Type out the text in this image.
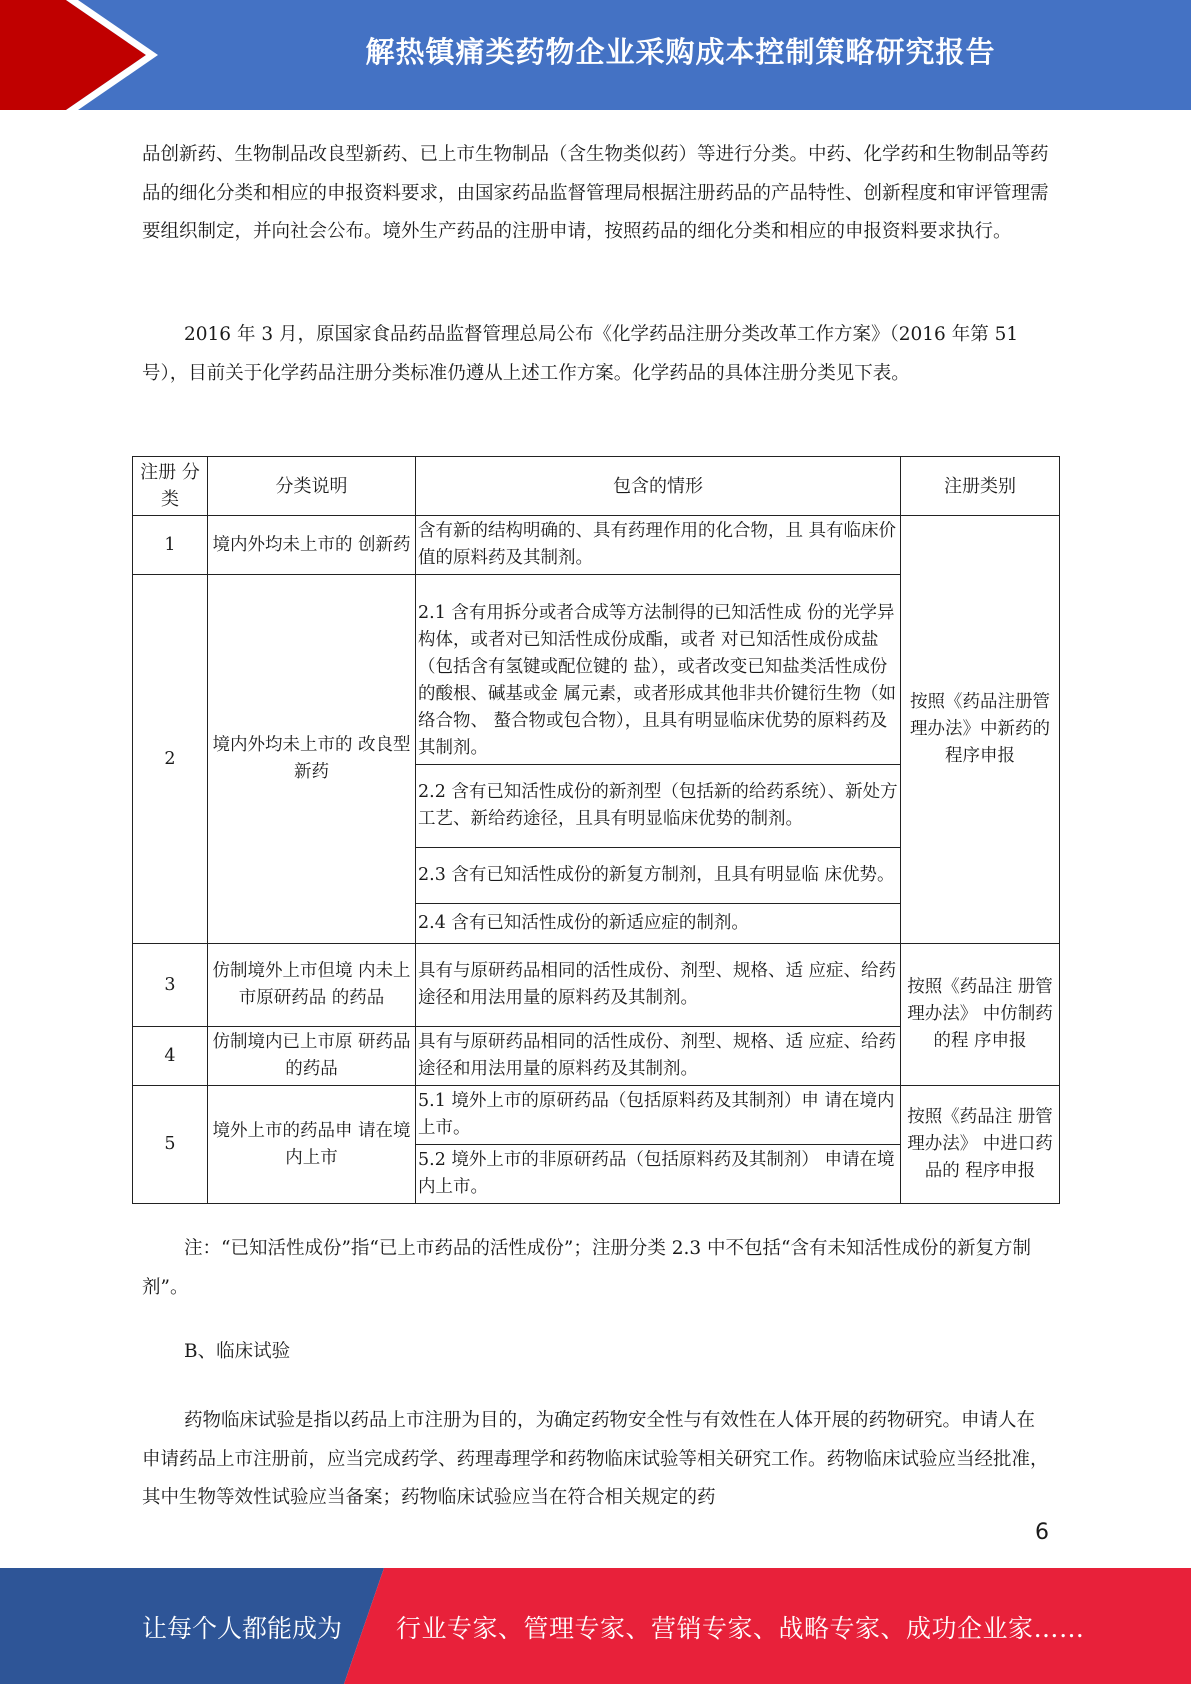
解热镇痛类药物企业采购成本控制策略研究报告

品创新药、生物制品改良型新药、已上市生物制品（含生物类似药）等进行分类。中药、化学药和生物制品等药品的细化分类和相应的申报资料要求，由国家药品监督管理局根据注册药品的产品特性、创新程度和审评管理需要组织制定，并向社会公布。境外生产药品的注册申请，按照药品的细化分类和相应的申报资料要求执行。

2016 年 3 月，原国家食品药品监督管理总局公布《化学药品注册分类改革工作方案》（2016 年第 51 号），目前关于化学药品注册分类标准仍遵从上述工作方案。化学药品的具体注册分类见下表。

注册 分类	分类说明	包含的情形	注册类别
1	境内外均未上市的 创新药	含有新的结构明确的、具有药理作用的化合物，且 具有临床价值的原料药及其制剂。	按照《药品注册管理办法》中新药的程序申报
2	境内外均未上市的 改良型新药	2.1 含有用拆分或者合成等方法制得的已知活性成 份的光学异构体，或者对已知活性成份成酯，或者 对已知活性成份成盐（包括含有氢键或配位键的 盐），或者改变已知盐类活性成份的酸根、碱基或金 属元素，或者形成其他非共价键衍生物（如络合物、 螯合物或包合物），且具有明显临床优势的原料药及 其制剂。	
		2.2 含有已知活性成份的新剂型（包括新的给药系统）、新处方工艺、新给药途径，且具有明显临床优势的制剂。	
		2.3 含有已知活性成份的新复方制剂，且具有明显临 床优势。	
		2.4 含有已知活性成份的新适应症的制剂。	
3	仿制境外上市但境 内未上市原研药品 的药品	具有与原研药品相同的活性成份、剂型、规格、适 应症、给药途径和用法用量的原料药及其制剂。	按照《药品注 册管理办法》 中仿制药的程 序申报
4	仿制境内已上市原 研药品的药品	具有与原研药品相同的活性成份、剂型、规格、适 应症、给药途径和用法用量的原料药及其制剂。	
5	境外上市的药品申 请在境内上市	5.1 境外上市的原研药品（包括原料药及其制剂）申 请在境内上市。	按照《药品注 册管理办法》 中进口药品的 程序申报
		5.2 境外上市的非原研药品（包括原料药及其制剂） 申请在境内上市。	

注：“已知活性成份”指“已上市药品的活性成份”；注册分类 2.3 中不包括“含有未知活性成份的新复方制剂”。

B、临床试验

药物临床试验是指以药品上市注册为目的，为确定药物安全性与有效性在人体开展的药物研究。申请人在申请药品上市注册前，应当完成药学、药理毒理学和药物临床试验等相关研究工作。药物临床试验应当经批准，其中生物等效性试验应当备案；药物临床试验应当在符合相关规定的药

6
让每个人都能成为 行业专家、管理专家、营销专家、战略专家、成功企业家……
